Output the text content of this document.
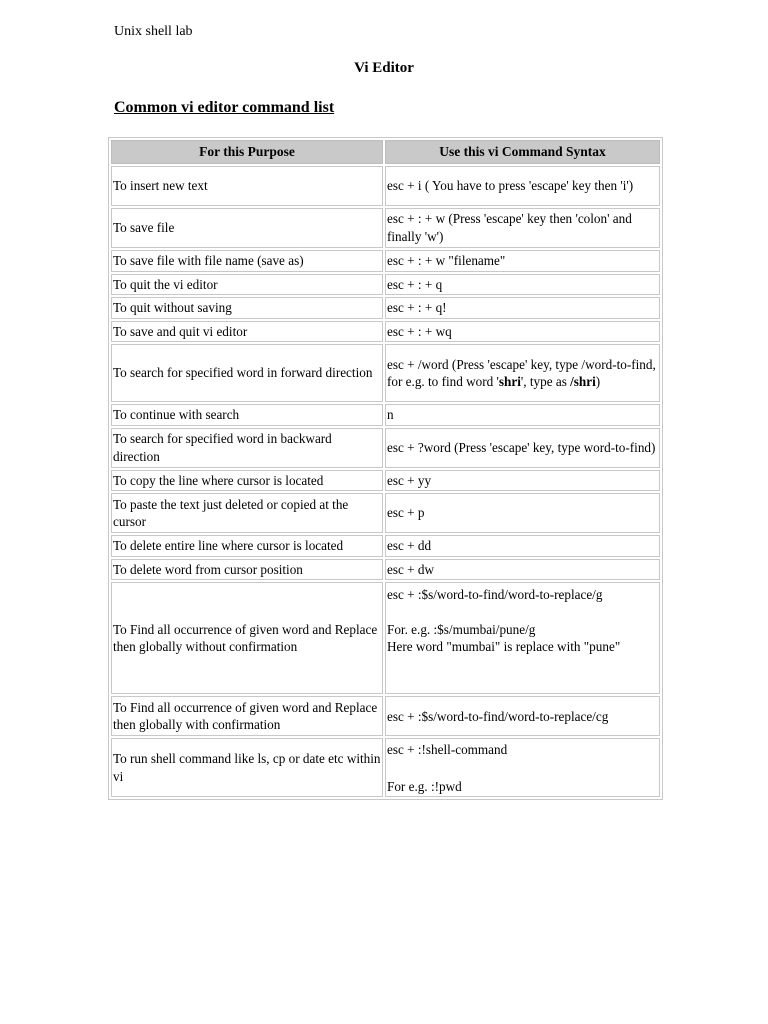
Unix shell lab
Vi Editor
Common vi editor command list
For this Purpose	Use this vi Command Syntax
To insert new text	esc + i ( You have to press 'escape' key then 'i')
To save file	esc + : + w (Press 'escape' key then 'colon' and finally 'w')
To save file with file name (save as)	esc + : + w "filename"
To quit the vi editor	esc + : + q
To quit without saving	esc + : + q!
To save and quit vi editor	esc + : + wq
To search for specified word in forward direction	esc + /word (Press 'escape' key, type /word-to-find, for e.g. to find word 'shri', type as /shri)
To continue with search	n
To search for specified word in backward direction	esc + ?word (Press 'escape' key, type word-to-find)
To copy the line where cursor is located	esc + yy
To paste the text just deleted or copied at the cursor	esc + p
To delete entire line where cursor is located	esc + dd
To delete word from cursor position	esc + dw
To Find all occurrence of given word and Replace then globally without confirmation	esc + :$s/word-to-find/word-to-replace/g
For. e.g. :$s/mumbai/pune/g
Here word "mumbai" is replace with "pune"

To Find all occurrence of given word and Replace then globally with confirmation	esc + :$s/word-to-find/word-to-replace/cg
To run shell command like ls, cp or date etc within vi	esc + :!shell-command
For e.g. :!pwd
